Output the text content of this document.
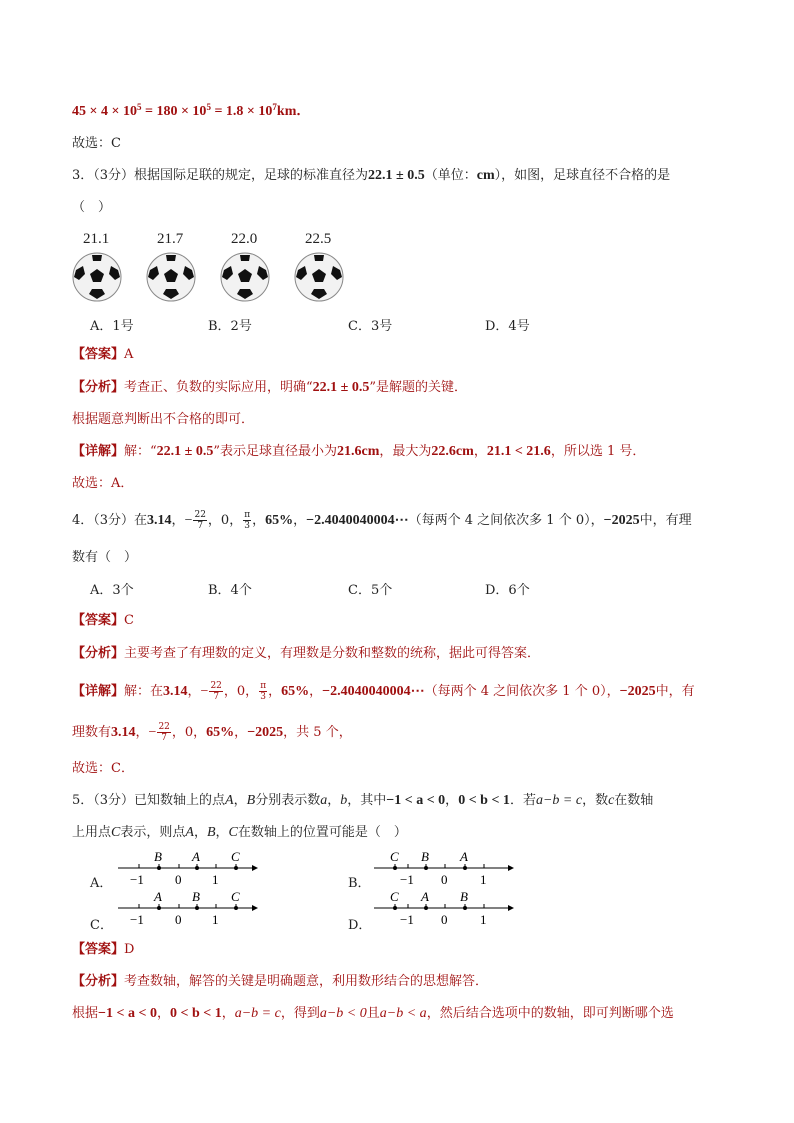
$45 \times 4 \times 10^5 = 180 \times 10^5 = 1.8 \times 10^7km$．
故选：C
3．（3分）根据国际足联的规定，足球的标准直径为22.1 ± 0.5（单位：cm），如图，足球直径不合格的是
（　）
21.1	21.7	22.0	22.5
A．1号	B．2号	C．3号	D．4号
【答案】A
【分析】考查正、负数的实际应用，明确“22.1 ± 0.5”是解题的关键．
根据题意判断出不合格的即可．
【详解】解：“22.1 ± 0.5”表示足球直径最小为21.6cm，最大为22.6cm，21.1 < 21.6，所以选 1 号．
故选：A．
4．（3分）在3.14，− $\frac{22}{7}$ ，0， $\frac{\pi}{3}$ ，65%，−2.4040040004⋯（每两个 4 之间依次多 1 个 0），−2025中，有理
数有（　）
A．3个	B．4个	C．5个	D．6个
【答案】C
【分析】主要考查了有理数的定义，有理数是分数和整数的统称，据此可得答案．
【详解】解：在3.14，− $\frac{22}{7}$ ，0， $\frac{\pi}{3}$ ，65%，−2.4040040004⋯（每两个 4 之间依次多 1 个 0），−2025中，有
理数有3.14，− $\frac{22}{7}$ ，0，65%，−2025，共 5 个，
故选：C．
5．（3分）已知数轴上的点A，B分别表示数a，b，其中−1 < a < 0，0 < b < 1．若a−b = c，数c在数轴
上用点C表示，则点A，B，C在数轴上的位置可能是（　）
A． −1 0 1
B A C
B． −1 0	1
C B A
C． −1 0 1
A B C
D． −1 0	1
C A B
【答案】D
【分析】考查数轴，解答的关键是明确题意，利用数形结合的思想解答．
根据−1 < a < 0，0 < b < 1，a−b = c，得到a−b < 0且a−b < a，然后结合选项中的数轴，即可判断哪个选
